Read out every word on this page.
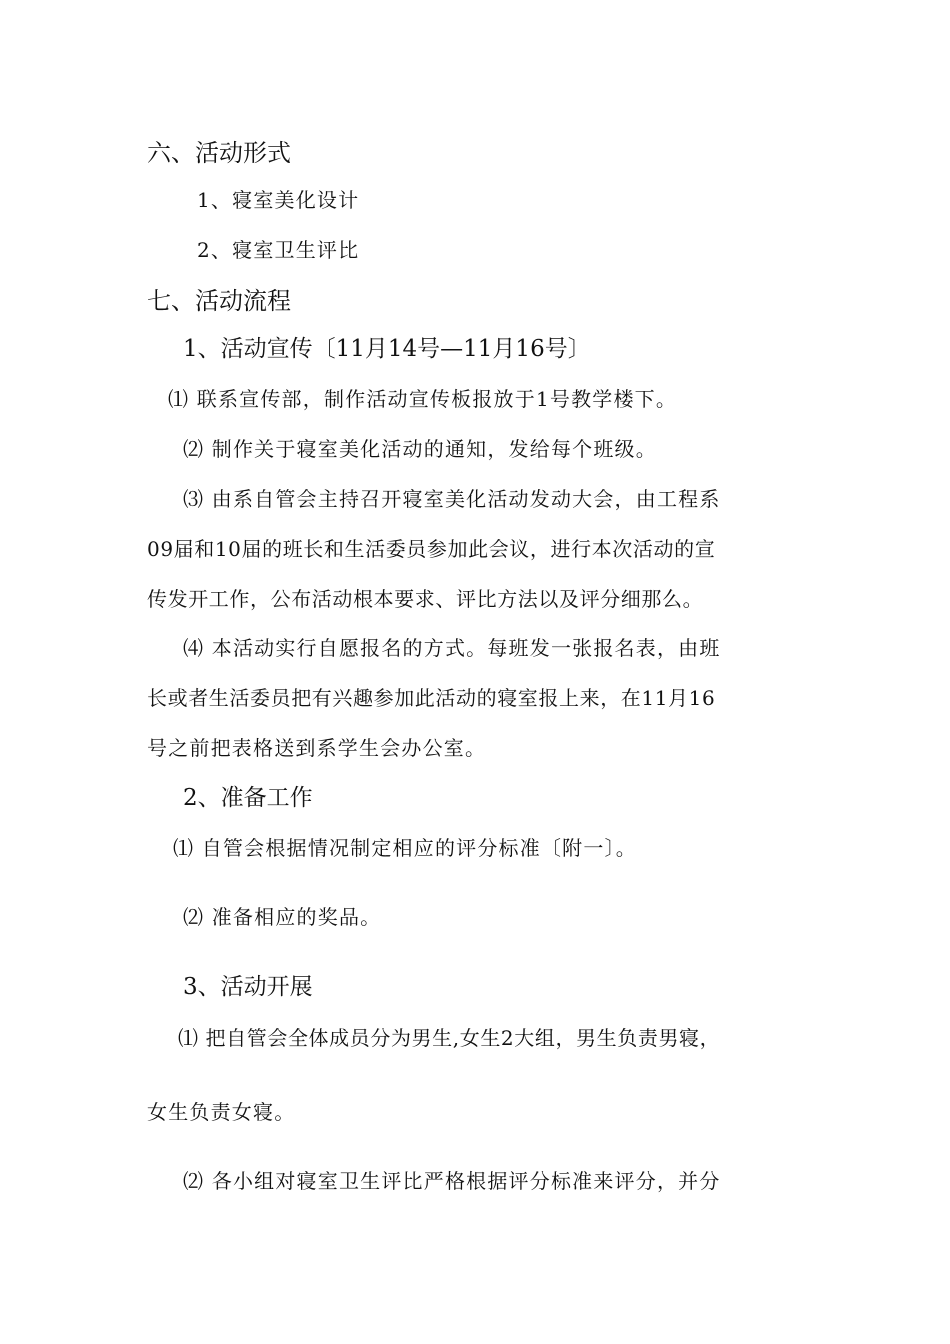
六、活动形式
1、寝室美化设计
2、寝室卫生评比
七、活动流程
1、活动宣传〔11月14号—11月16号〕
⑴ 联系宣传部，制作活动宣传板报放于1号教学楼下。
⑵ 制作关于寝室美化活动的通知，发给每个班级。
⑶ 由系自管会主持召开寝室美化活动发动大会，由工程系
09届和10届的班长和生活委员参加此会议，进行本次活动的宣
传发开工作，公布活动根本要求、评比方法以及评分细那么。
⑷ 本活动实行自愿报名的方式。每班发一张报名表，由班
长或者生活委员把有兴趣参加此活动的寝室报上来，在11月16
号之前把表格送到系学生会办公室。
2、准备工作
⑴ 自管会根据情况制定相应的评分标准〔附一〕。
⑵ 准备相应的奖品。
3、活动开展
⑴ 把自管会全体成员分为男生,女生2大组，男生负责男寝，
女生负责女寝。
⑵ 各小组对寝室卫生评比严格根据评分标准来评分，并分
